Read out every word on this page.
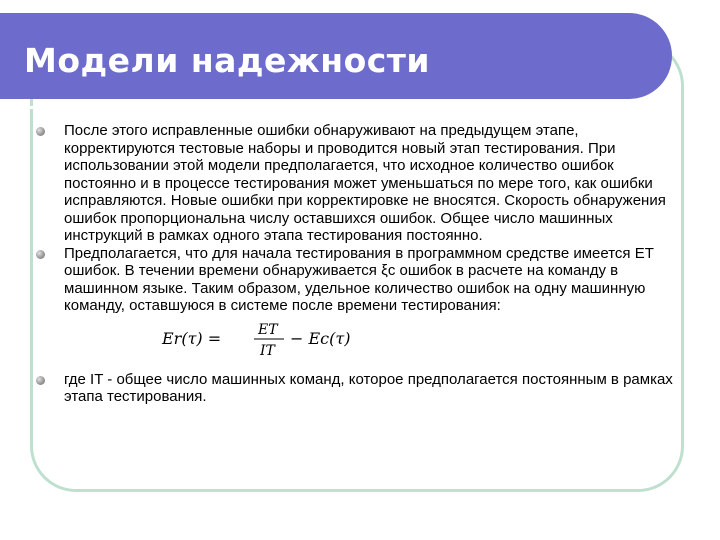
Модели надежности
После этого исправленные ошибки обнаруживают на предыдущем этапе, корректируются тестовые наборы и проводится новый этап тестирования. При использовании этой модели предполагается, что исходное количество ошибок постоянно и в процессе тестирования может уменьшаться по мере того, как ошибки исправляются. Новые ошибки при корректировке не вносятся. Скорость обнаружения ошибок пропорциональна числу оставшихся ошибок. Общее число машинных инструкций в рамках одного этапа тестирования постоянно.
Предполагается, что для начала тестирования в программном средстве имеется ЕТ ошибок. В течении времени обнаруживается ξc ошибок в расчете на команду в машинном языке. Таким образом, удельное количество ошибок на одну машинную команду, оставшуюся в системе после времени тестирования:
Er(τ) =	ET
IT
− Ec(τ)
где IT - общее число машинных команд, которое предполагается постоянным в рамках этапа тестирования.
